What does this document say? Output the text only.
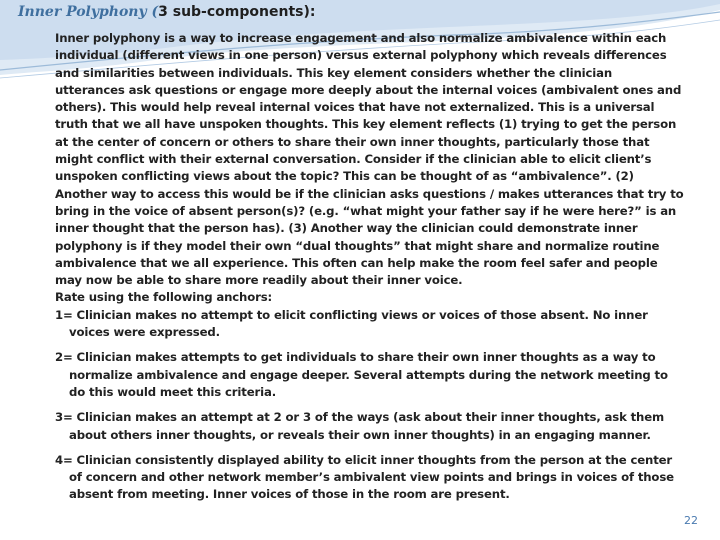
Inner Polyphony (3 sub-components):

Inner polyphony is a way to increase engagement and also normalize ambivalence within each
individual (different views in one person) versus external polyphony which reveals differences
and similarities between individuals. This key element considers whether the clinician
utterances ask questions or engage more deeply about the internal voices (ambivalent ones and
others). This would help reveal internal voices that have not externalized. This is a universal
truth that we all have unspoken thoughts. This key element reflects (1) trying to get the person
at the center of concern or others to share their own inner thoughts, particularly those that
might conflict with their external conversation. Consider if the clinician able to elicit client’s
unspoken conflicting views about the topic? This can be thought of as “ambivalence”. (2)
Another way to access this would be if the clinician asks questions / makes utterances that try to
bring in the voice of absent person(s)? (e.g. “what might your father say if he were here?” is an
inner thought that the person has). (3) Another way the clinician could demonstrate inner
polyphony is if they model their own “dual thoughts” that might share and normalize routine
ambivalence that we all experience. This often can help make the room feel safer and people
may now be able to share more readily about their inner voice.

Rate using the following anchors:

1= Clinician makes no attempt to elicit conflicting views or voices of those absent. No inner
voices were expressed.
2= Clinician makes attempts to get individuals to share their own inner thoughts as a way to
normalize ambivalence and engage deeper. Several attempts during the network meeting to
do this would meet this criteria.
3= Clinician makes an attempt at 2 or 3 of the ways (ask about their inner thoughts, ask them
about others inner thoughts, or reveals their own inner thoughts) in an engaging manner.
4= Clinician consistently displayed ability to elicit inner thoughts from the person at the center
of concern and other network member’s ambivalent view points and brings in voices of those
absent from meeting. Inner voices of those in the room are present.
22
